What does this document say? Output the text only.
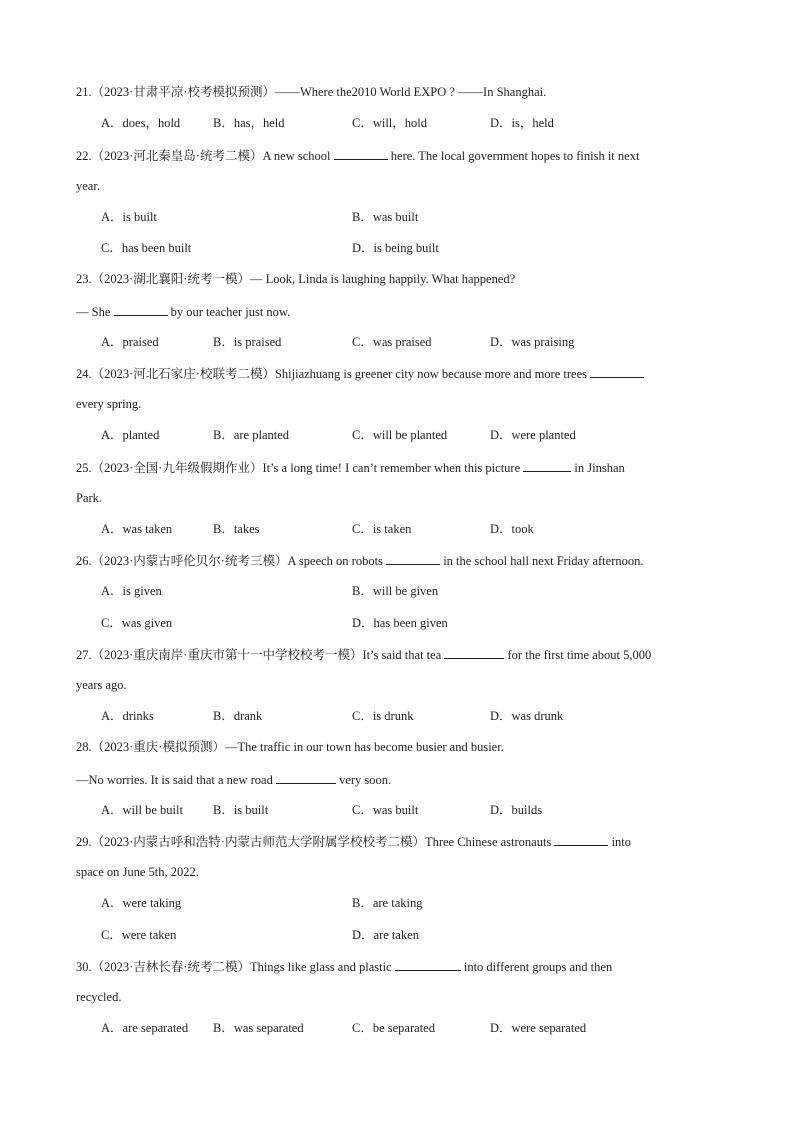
21.（2023·甘肃平凉·校考模拟预测）——Where the2010 World EXPO ? ——In Shanghai.
A．does，hold	B．has，held	C．will，hold	D．is，held
22.（2023·河北秦皇岛·统考二模）A new school	here. The local government hopes to finish it next
year.
A．is built	B．was built
C．has been built	D．is being built
23.（2023·湖北襄阳·统考一模）— Look, Linda is laughing happily. What happened?
— She	by our teacher just now.
A．praised	B．is praised	C．was praised	D．was praising
24.（2023·河北石家庄·校联考二模）Shijiazhuang is greener city now because more and more trees
every spring.
A．planted	B．are planted	C．will be planted	D．were planted
25.（2023·全国·九年级假期作业）It’s a long time! I can’t remember when this picture	in Jinshan
Park.
A．was taken	B．takes	C．is taken	D．took
26.（2023·内蒙古呼伦贝尔·统考三模）A speech on robots	in the school hall next Friday afternoon.
A．is given	B．will be given
C．was given	D．has been given
27.（2023·重庆南岸·重庆市第十一中学校校考一模）It’s said that tea	for the first time about 5,000
years ago.
A．drinks	B．drank	C．is drunk	D．was drunk
28.（2023·重庆·模拟预测）—The traffic in our town has become busier and busier.
—No worries. It is said that a new road	very soon.
A．will be built B．is built	C．was built	D．builds
29.（2023·内蒙古呼和浩特·内蒙古师范大学附属学校校考二模）Three Chinese astronauts	into
space on June 5th, 2022.
A．were taking	B．are taking
C．were taken	D．are taken
30.（2023·吉林长春·统考二模）Things like glass and plastic	into different groups and then
recycled.
A．are separated B．was separated	C．be separated	D．were separated
